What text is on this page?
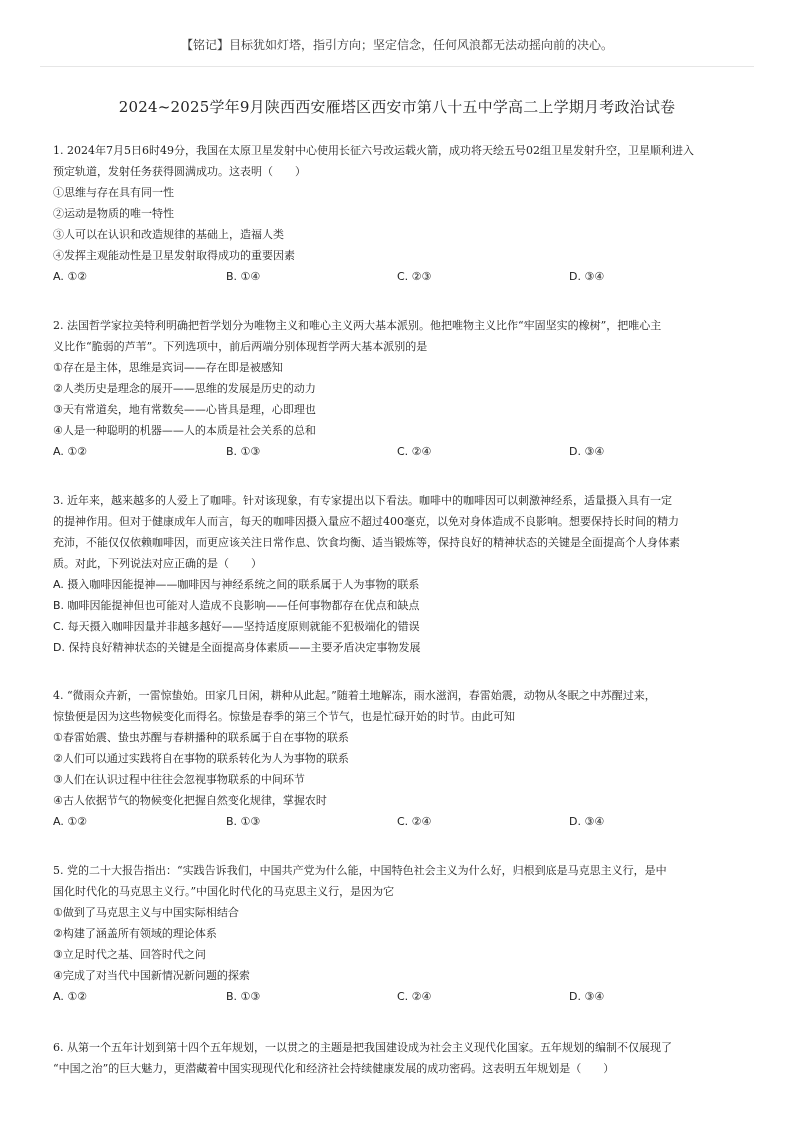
【铭记】目标犹如灯塔，指引方向；坚定信念，任何风浪都无法动摇向前的决心。
2024~2025学年9月陕西西安雁塔区西安市第八十五中学高二上学期月考政治试卷

1. 2024年7月5日6时49分，我国在太原卫星发射中心使用长征六号改运载火箭，成功将天绘五号02组卫星发射升空，卫星顺利进入

预定轨道，发射任务获得圆满成功。这表明（　　）

①思维与存在具有同一性

②运动是物质的唯一特性

③人可以在认识和改造规律的基础上，造福人类

④发挥主观能动性是卫星发射取得成功的重要因素

A. ①②	B. ①④	C. ②③	D. ③④

2. 法国哲学家拉美特利明确把哲学划分为唯物主义和唯心主义两大基本派别。他把唯物主义比作“牢固坚实的橡树”，把唯心主

义比作“脆弱的芦苇”。下列选项中，前后两端分别体现哲学两大基本派别的是

①存在是主体，思维是宾词——存在即是被感知

②人类历史是理念的展开——思维的发展是历史的动力

③天有常道矣，地有常数矣——心皆具是理，心即理也

④人是一种聪明的机器——人的本质是社会关系的总和

A. ①②	B. ①③	C. ②④	D. ③④

3. 近年来，越来越多的人爱上了咖啡。针对该现象，有专家提出以下看法。咖啡中的咖啡因可以刺激神经系，适量摄入具有一定

的提神作用。但对于健康成年人而言，每天的咖啡因摄入量应不超过400毫克，以免对身体造成不良影响。想要保持长时间的精力

充沛，不能仅仅依赖咖啡因，而更应该关注日常作息、饮食均衡、适当锻炼等，保持良好的精神状态的关键是全面提高个人身体素

质。对此，下列说法对应正确的是（　　）

A. 摄入咖啡因能提神——咖啡因与神经系统之间的联系属于人为事物的联系

B. 咖啡因能提神但也可能对人造成不良影响——任何事物都存在优点和缺点

C. 每天摄入咖啡因量并非越多越好——坚持适度原则就能不犯极端化的错误

D. 保持良好精神状态的关键是全面提高身体素质——主要矛盾决定事物发展

4. “微雨众卉新，一雷惊蛰始。田家几日闲，耕种从此起。”随着土地解冻，雨水滋润，春雷始震，动物从冬眠之中苏醒过来，

惊蛰便是因为这些物候变化而得名。惊蛰是春季的第三个节气，也是忙碌开始的时节。由此可知

①春雷始震、蛰虫苏醒与春耕播种的联系属于自在事物的联系

②人们可以通过实践将自在事物的联系转化为人为事物的联系

③人们在认识过程中往往会忽视事物联系的中间环节

④古人依据节气的物候变化把握自然变化规律，掌握农时

A. ①②	B. ①③	C. ②④	D. ③④

5. 党的二十大报告指出：“实践告诉我们，中国共产党为什么能，中国特色社会主义为什么好，归根到底是马克思主义行，是中

国化时代化的马克思主义行。”中国化时代化的马克思主义行，是因为它

①做到了马克思主义与中国实际相结合

②构建了涵盖所有领域的理论体系

③立足时代之基、回答时代之问

④完成了对当代中国新情况新问题的探索

A. ①②	B. ①③	C. ②④	D. ③④

6. 从第一个五年计划到第十四个五年规划，一以贯之的主题是把我国建设成为社会主义现代化国家。五年规划的编制不仅展现了

“中国之治”的巨大魅力，更潜藏着中国实现现代化和经济社会持续健康发展的成功密码。这表明五年规划是（　　）
